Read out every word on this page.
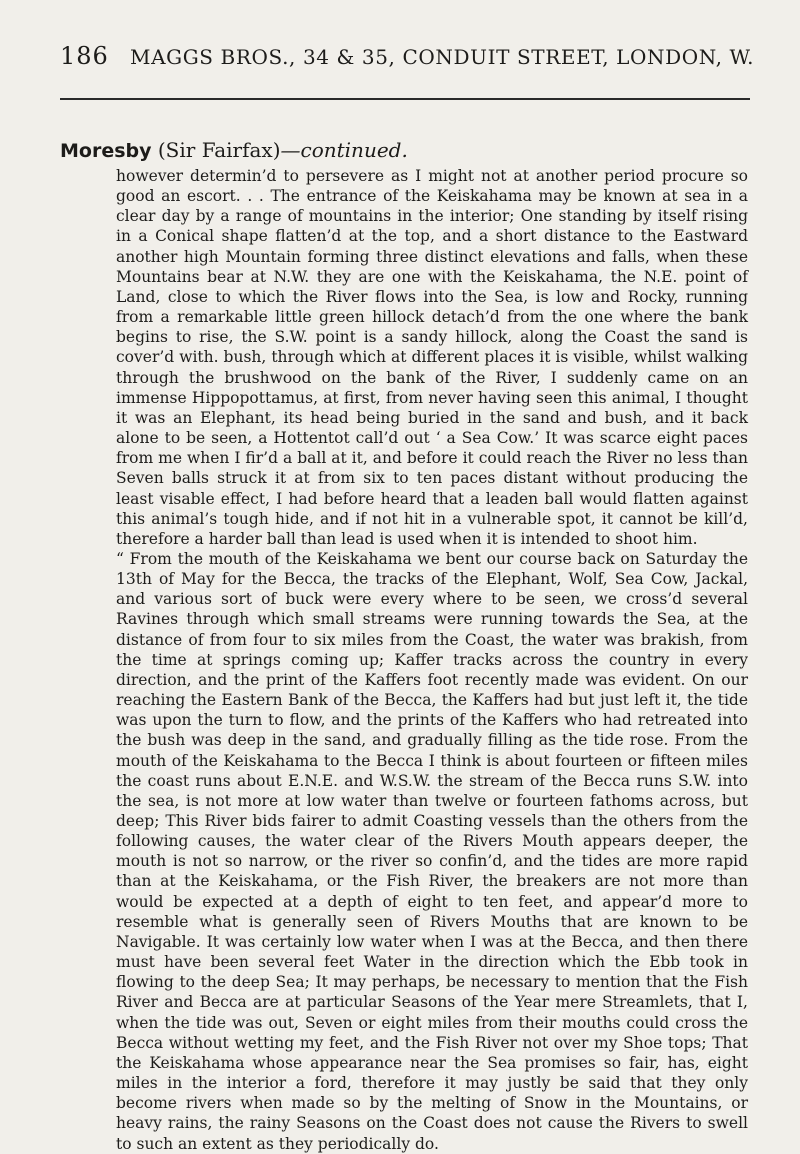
186	MAGGS BROS., 34 & 35, CONDUIT STREET, LONDON, W.
Moresby (Sir Fairfax)—continued.

however determin’d to persevere as I might not at another period procure so good an escort. . . The entrance of the Keiskahama may be known at sea in a clear day by a range of mountains in the interior; One standing by itself rising in a Conical shape flatten’d at the top, and a short distance to the Eastward another high Mountain forming three distinct elevations and falls, when these Mountains bear at N.W. they are one with the Keiskahama, the N.E. point of Land, close to which the River flows into the Sea, is low and Rocky, running from a remarkable little green hillock detach’d from the one where the bank begins to rise, the S.W. point is a sandy hillock, along the Coast the sand is cover’d with. bush, through which at different places it is visible, whilst walking through the brushwood on the bank of the River, I suddenly came on an immense Hippopottamus, at first, from never having seen this animal, I thought it was an Elephant, its head being buried in the sand and bush, and it back alone to be seen, a Hottentot call’d out ‘ a Sea Cow.’ It was scarce eight paces from me when I fir’d a ball at it, and before it could reach the River no less than Seven balls struck it at from six to ten paces distant without producing the least visable effect, I had before heard that a leaden ball would flatten against this animal’s tough hide, and if not hit in a vulnerable spot, it cannot be kill’d, therefore a harder ball than lead is used when it is intended to shoot him.

“ From the mouth of the Keiskahama we bent our course back on Saturday the 13th of May for the Becca, the tracks of the Elephant, Wolf, Sea Cow, Jackal, and various sort of buck were every where to be seen, we cross’d several Ravines through which small streams were running towards the Sea, at the distance of from four to six miles from the Coast, the water was brakish, from the time at springs coming up; Kaffer tracks across the country in every direction, and the print of the Kaffers foot recently made was evident. On our reaching the Eastern Bank of the Becca, the Kaffers had but just left it, the tide was upon the turn to flow, and the prints of the Kaffers who had retreated into the bush was deep in the sand, and gradually filling as the tide rose. From the mouth of the Keiskahama to the Becca I think is about fourteen or fifteen miles the coast runs about E.N.E. and W.S.W. the stream of the Becca runs S.W. into the sea, is not more at low water than twelve or fourteen fathoms across, but deep; This River bids fairer to admit Coasting vessels than the others from the following causes, the water clear of the Rivers Mouth appears deeper, the mouth is not so narrow, or the river so confin’d, and the tides are more rapid than at the Keiskahama, or the Fish River, the breakers are not more than would be expected at a depth of eight to ten feet, and appear’d more to resemble what is generally seen of Rivers Mouths that are known to be Navigable. It was certainly low water when I was at the Becca, and then there must have been several feet Water in the direction which the Ebb took in flowing to the deep Sea; It may perhaps, be necessary to mention that the Fish River and Becca are at particular Seasons of the Year mere Streamlets, that I, when the tide was out, Seven or eight miles from their mouths could cross the Becca without wetting my feet, and the Fish River not over my Shoe tops; That the Keiskahama whose appearance near the Sea promises so fair, has, eight miles in the interior a ford, therefore it may justly be said that they only become rivers when made so by the melting of Snow in the Mountains, or heavy rains, the rainy Seasons on the Coast does not cause the Rivers to swell to such an extent as they periodically do.
